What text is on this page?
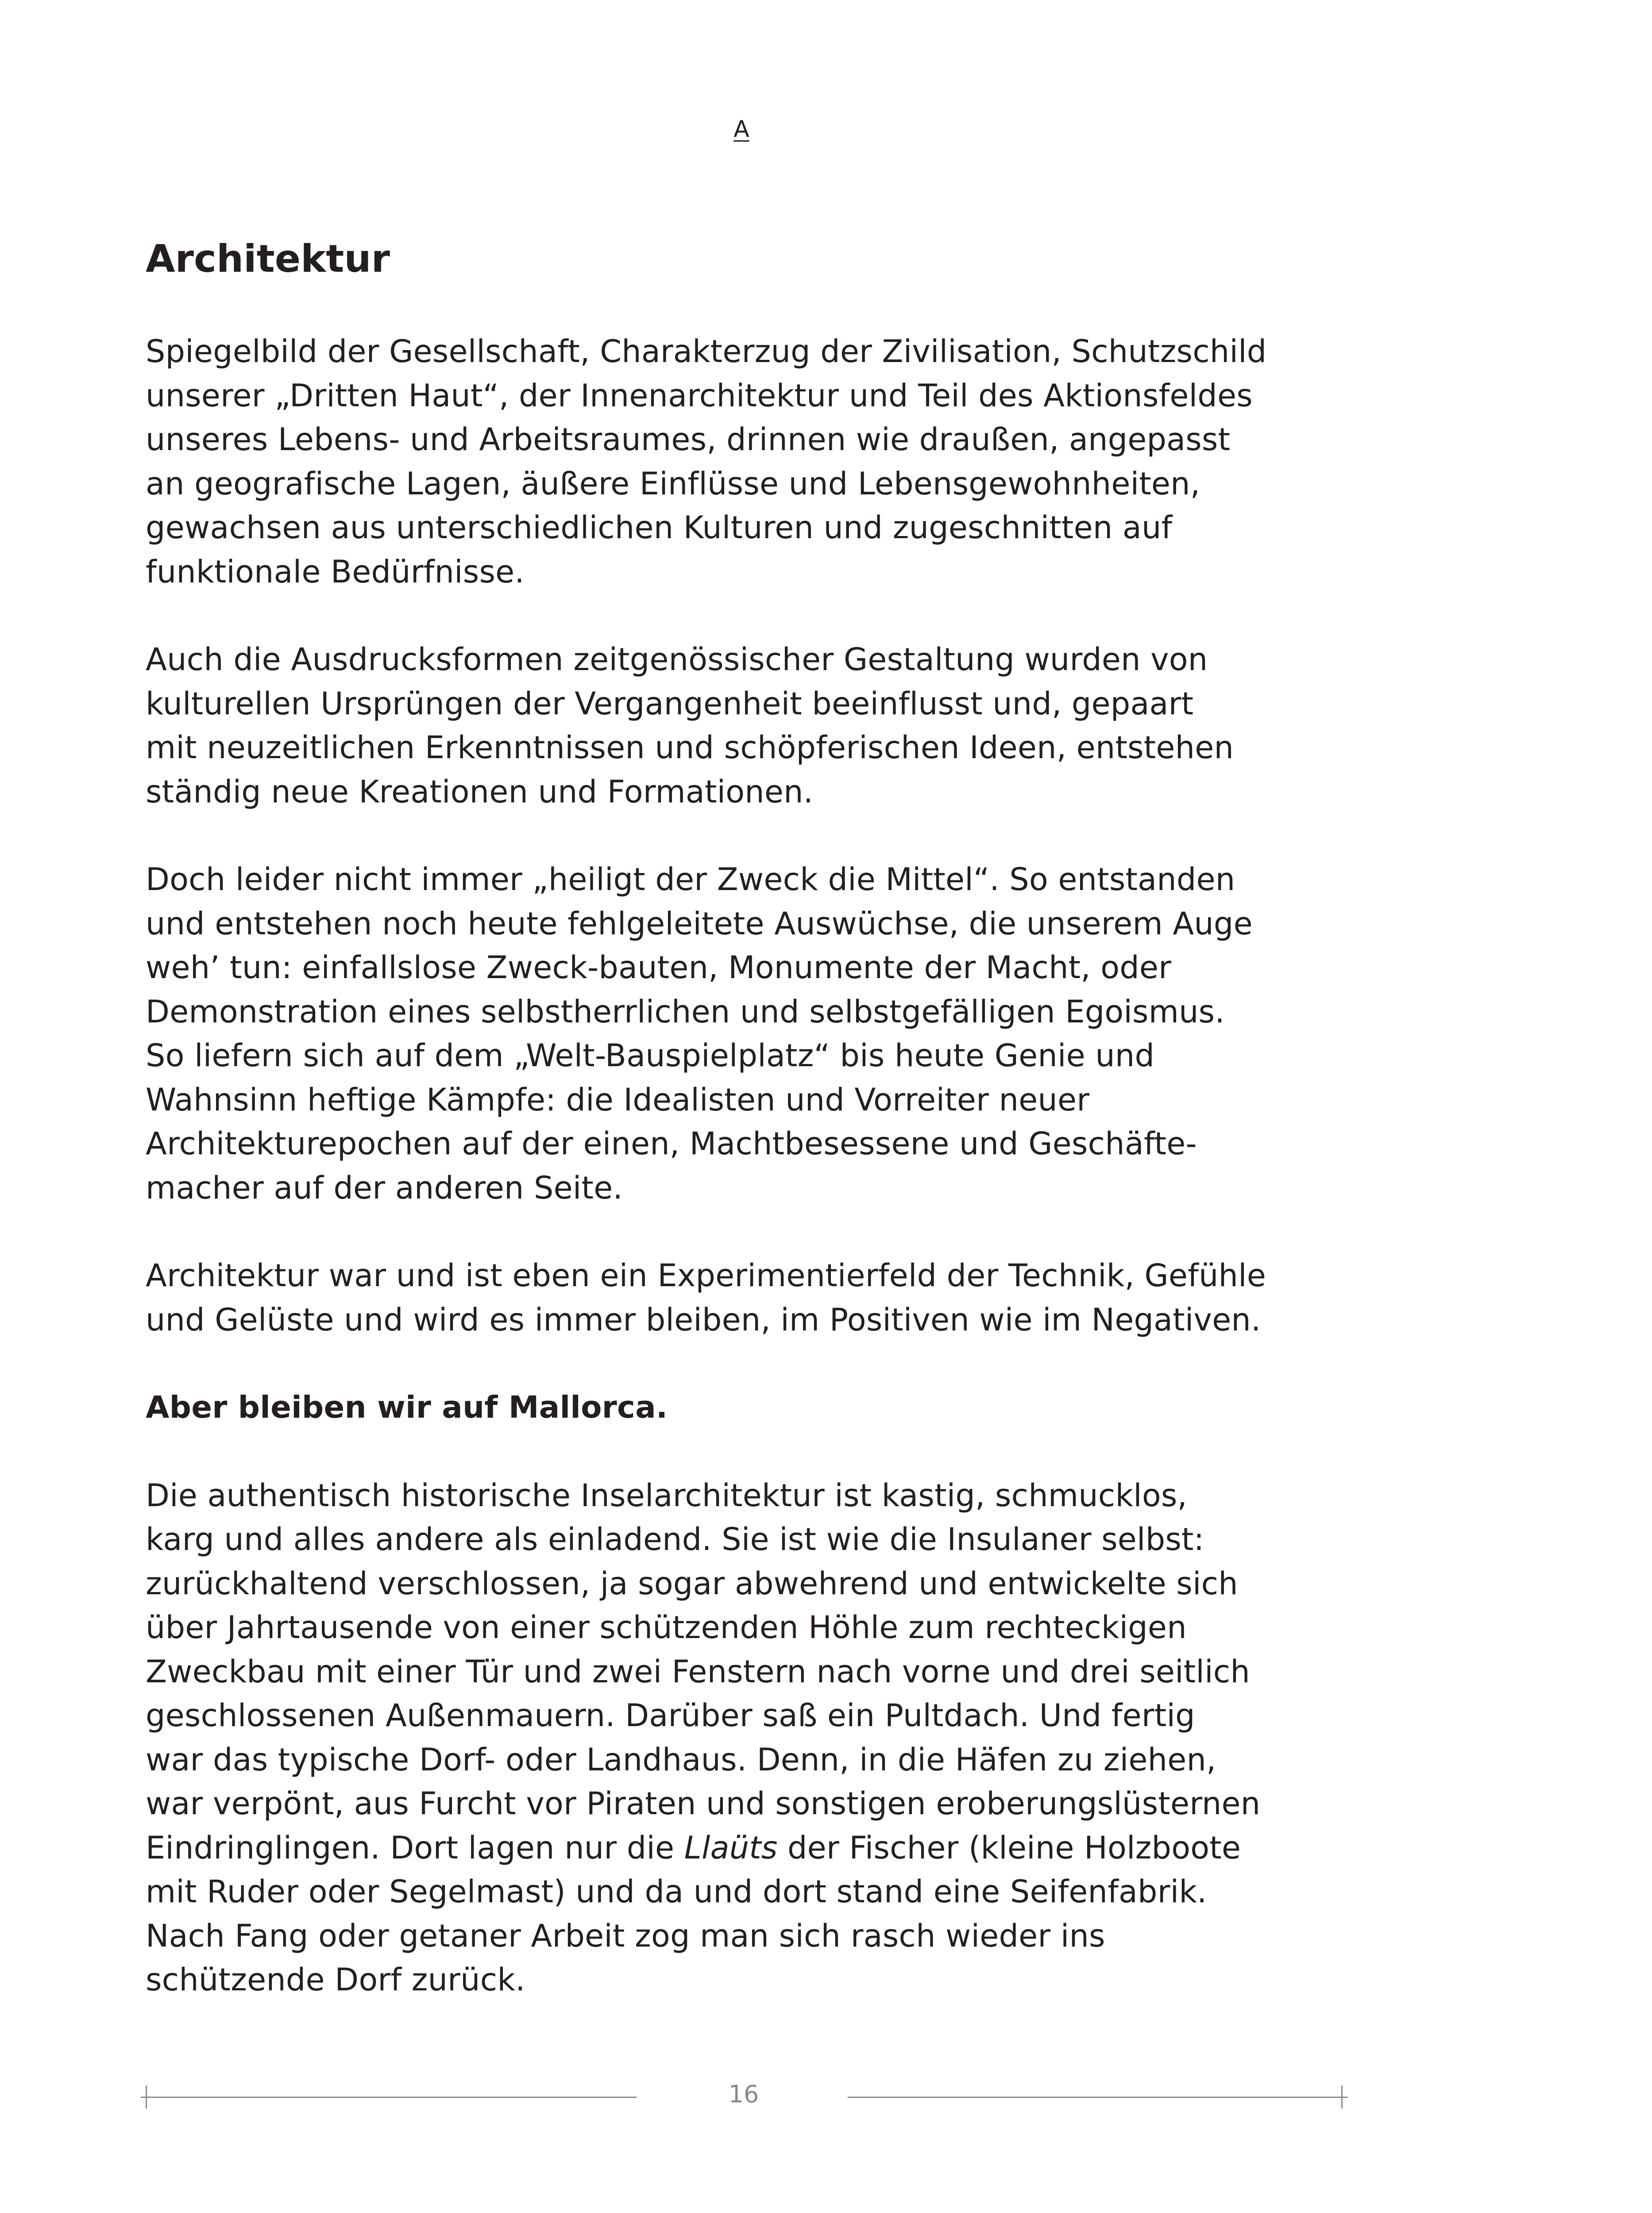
A
Architektur

Spiegelbild der Gesellschaft, Charakterzug der Zivilisation, Schutzschild
unserer „Dritten Haut“, der Innenarchitektur und Teil des Aktionsfeldes
unseres Lebens- und Arbeitsraumes, drinnen wie draußen, angepasst
an geografische Lagen, äußere Einflüsse und Lebensgewohnheiten,
gewachsen aus unterschiedlichen Kulturen und zugeschnitten auf
funktionale Bedürfnisse.

Auch die Ausdrucksformen zeitgenössischer Gestaltung wurden von
kulturellen Ursprüngen der Vergangenheit beeinflusst und, gepaart
mit neuzeitlichen Erkenntnissen und schöpferischen Ideen, entstehen
ständig neue Kreationen und Formationen.

Doch leider nicht immer „heiligt der Zweck die Mittel“. So entstanden
und entstehen noch heute fehlgeleitete Auswüchse, die unserem Auge
weh’ tun: einfallslose Zweck-bauten, Monumente der Macht, oder
Demonstration eines selbstherrlichen und selbstgefälligen Egoismus.
So liefern sich auf dem „Welt-Bauspielplatz“ bis heute Genie und
Wahnsinn heftige Kämpfe: die Idealisten und Vorreiter neuer
Architekturepochen auf der einen, Machtbesessene und Geschäfte-
macher auf der anderen Seite.

Architektur war und ist eben ein Experimentierfeld der Technik, Gefühle
und Gelüste und wird es immer bleiben, im Positiven wie im Negativen.

Aber bleiben wir auf Mallorca.

Die authentisch historische Inselarchitektur ist kastig, schmucklos,
karg und alles andere als einladend. Sie ist wie die Insulaner selbst:
zurückhaltend verschlossen, ja sogar abwehrend und entwickelte sich
über Jahrtausende von einer schützenden Höhle zum rechteckigen
Zweckbau mit einer Tür und zwei Fenstern nach vorne und drei seitlich
geschlossenen Außenmauern. Darüber saß ein Pultdach. Und fertig
war das typische Dorf- oder Landhaus. Denn, in die Häfen zu ziehen,
war verpönt, aus Furcht vor Piraten und sonstigen eroberungslüsternen
Eindringlingen. Dort lagen nur die Llaüts der Fischer (kleine Holzboote
mit Ruder oder Segelmast) und da und dort stand eine Seifenfabrik.
Nach Fang oder getaner Arbeit zog man sich rasch wieder ins
schützende Dorf zurück.

16
